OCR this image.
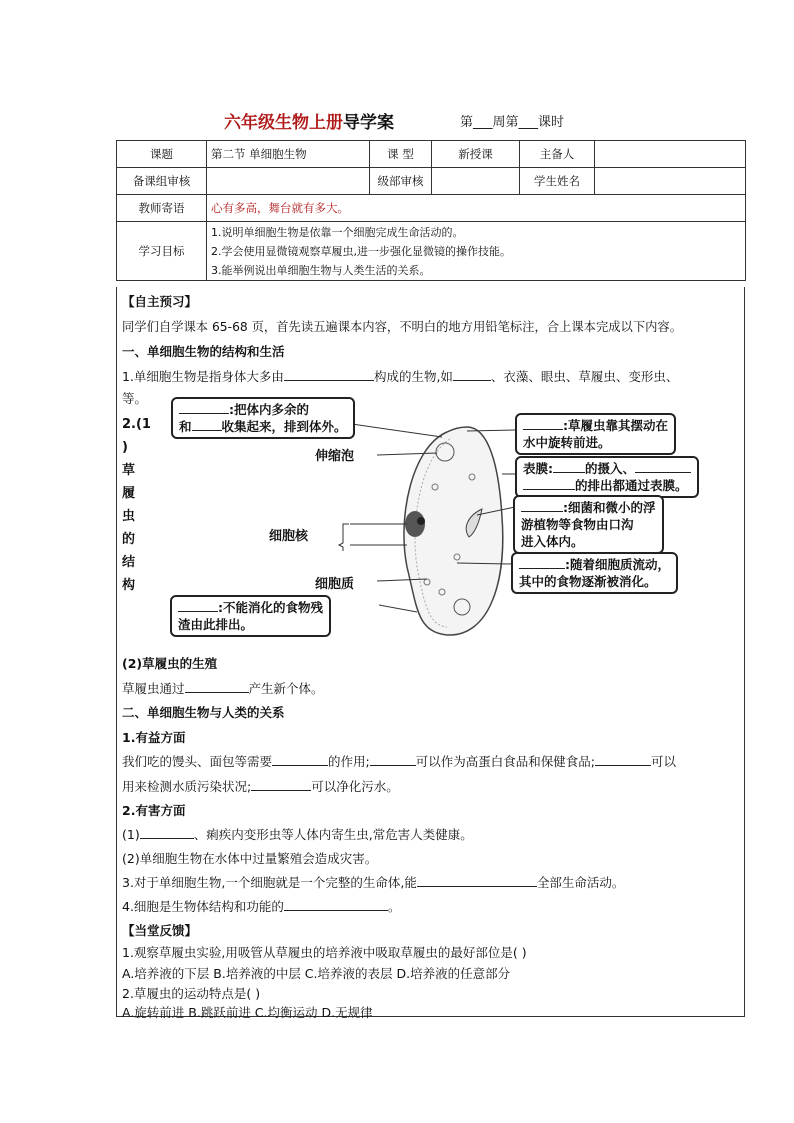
六年级生物上册导学案	第___周第___课时
课题	第二节 单细胞生物	课 型	新授课	主备人	
备课组审核		级部审核		学生姓名	
教师寄语	心有多高，舞台就有多大。				
学习目标	1.说明单细胞生物是依靠一个细胞完成生命活动的。
2.学会使用显微镜观察草履虫,进一步强化显微镜的操作技能。
3.能举例说出单细胞生物与人类生活的关系。				
【自主预习】
同学们自学课本 65-68 页，首先读五遍课本内容，不明白的地方用铅笔标注，合上课本完成以下内容。
一、单细胞生物的结构和生活
1.单细胞生物是指身体大多由	构成的生物,如	、衣藻、眼虫、草履虫、变形虫、
等。
2.(1
)
草
履
虫
的
结
构
:把体内多余的
和 收集起来，排到体外。	:草履虫靠其摆动在
水中旋转前进。
表膜:	的摄入、
的排出都通过表膜。
:细菌和微小的浮
游植物等食物由口沟
进入体内。
:随着细胞质流动，
其中的食物逐渐被消化。
:不能消化的食物残
渣由此排出。
伸缩泡
细胞核
细胞质
(2)草履虫的生殖
草履虫通过	产生新个体。
二、单细胞生物与人类的关系
1.有益方面
我们吃的馒头、面包等需要	的作用;	可以作为高蛋白食品和保健食品;	可以
用来检测水质污染状况;	可以净化污水。
2.有害方面
(1)	、痢疾内变形虫等人体内寄生虫,常危害人类健康。
(2)单细胞生物在水体中过量繁殖会造成灾害。
3.对于单细胞生物,一个细胞就是一个完整的生命体,能	全部生命活动。
4.细胞是生物体结构和功能的	。
【当堂反馈】
1.观察草履虫实验,用吸管从草履虫的培养液中吸取草履虫的最好部位是( )
A.培养液的下层 B.培养液的中层 C.培养液的表层 D.培养液的任意部分
2.草履虫的运动特点是( )
A.旋转前进 B.跳跃前进 C.均衡运动 D.无规律
